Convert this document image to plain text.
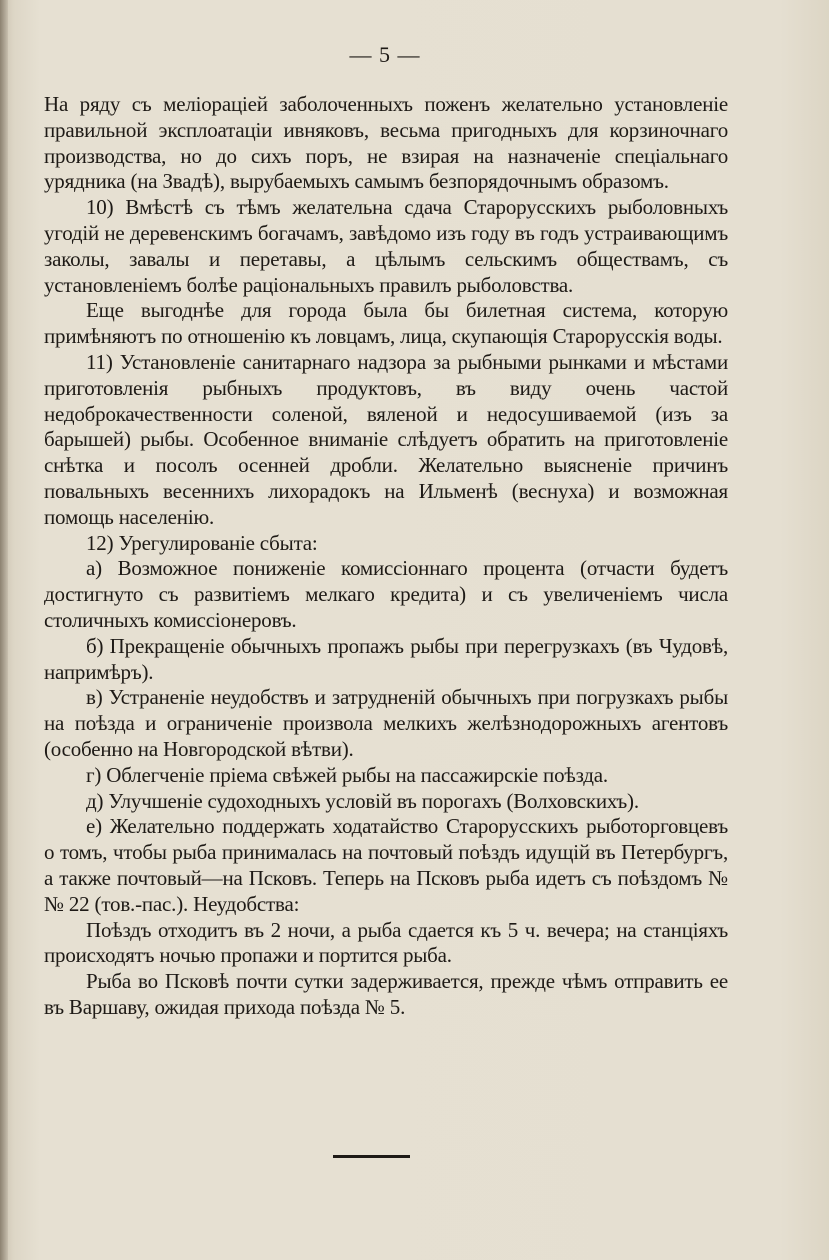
— 5 —

На ряду съ меліораціей заболоченныхъ поженъ желательно установленіе правильной эксплоатаціи ивняковъ, весьма пригодныхъ для корзиночнаго производства, но до сихъ поръ, не взирая на назначеніе спеціальнаго урядника (на Звадѣ), вырубаемыхъ самымъ безпорядочнымъ образомъ.

10) Вмѣстѣ съ тѣмъ желательна сдача Старорусскихъ рыболовныхъ угодій не деревенскимъ богачамъ, завѣдомо изъ году въ годъ устраивающимъ заколы, завалы и перетавы, а цѣлымъ сельскимъ обществамъ, съ установленіемъ болѣе раціональныхъ правилъ рыболовства.

Еще выгоднѣе для города была бы билетная система, которую примѣняютъ по отношенію къ ловцамъ, лица, скупающія Старорусскія воды.

11) Установленіе санитарнаго надзора за рыбными рынками и мѣстами приготовленія рыбныхъ продуктовъ, въ виду очень частой недоброкачественности соленой, вяленой и недосушиваемой (изъ за барышей) рыбы. Особенное вниманіе слѣдуетъ обратить на приготовленіе снѣтка и посолъ осенней дробли. Желательно выясненіе причинъ повальныхъ весеннихъ лихорадокъ на Ильменѣ (веснуха) и возможная помощь населенію.

12) Урегулированіе сбыта:

а) Возможное пониженіе комиссіоннаго процента (отчасти будетъ достигнуто съ развитіемъ мелкаго кредита) и съ увеличеніемъ числа столичныхъ комиссіонеровъ.

б) Прекращеніе обычныхъ пропажъ рыбы при перегрузкахъ (въ Чудовѣ, напримѣръ).

в) Устраненіе неудобствъ и затрудненій обычныхъ при погрузкахъ рыбы на поѣзда и ограниченіе произвола мелкихъ желѣзнодорожныхъ агентовъ (особенно на Новгородской вѣтви).

г) Облегченіе пріема свѣжей рыбы на пассажирскіе поѣзда.

д) Улучшеніе судоходныхъ условій въ порогахъ (Волховскихъ).

е) Желательно поддержать ходатайство Старорусскихъ рыботорговцевъ о томъ, чтобы рыба принималась на почтовый поѣздъ идущій въ Петербургъ, а также почтовый—на Псковъ. Теперь на Псковъ рыба идетъ съ поѣздомъ №№ 22 (тов.-пас.). Неудобства:

Поѣздъ отходитъ въ 2 ночи, а рыба сдается къ 5 ч. вечера; на станціяхъ происходятъ ночью пропажи и портится рыба.

Рыба во Псковѣ почти сутки задерживается, прежде чѣмъ отправить ее въ Варшаву, ожидая прихода поѣзда № 5.
